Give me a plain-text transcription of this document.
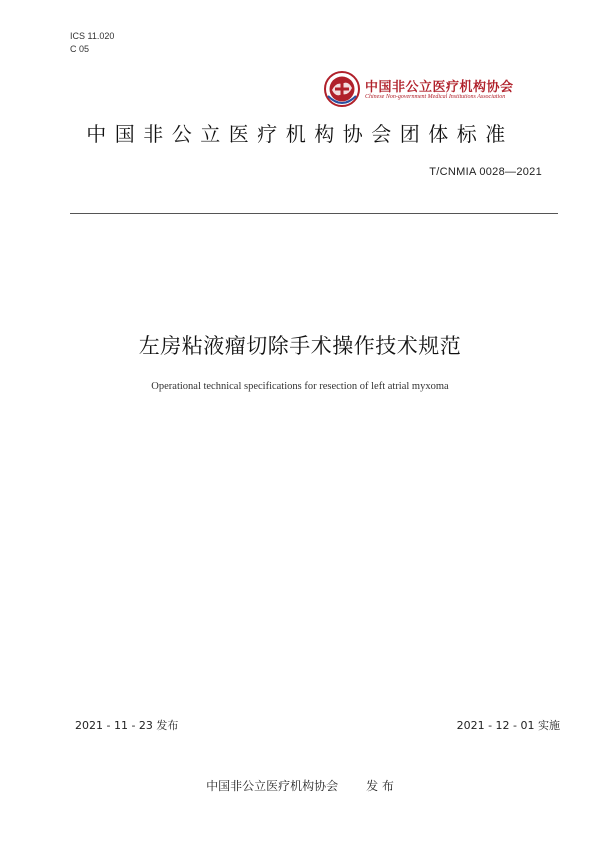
ICS 11.020
C 05
中国非公立医疗机构协会
Chinese Non-government Medical Institutions Association
中国非公立医疗机构协会团体标准
T/CNMIA 0028—2021
左房粘液瘤切除手术操作技术规范
Operational technical specifications for resection of left atrial myxoma
2021 - 11 - 23 发布	2021 - 12 - 01 实施
中国非公立医疗机构协会 发 布
